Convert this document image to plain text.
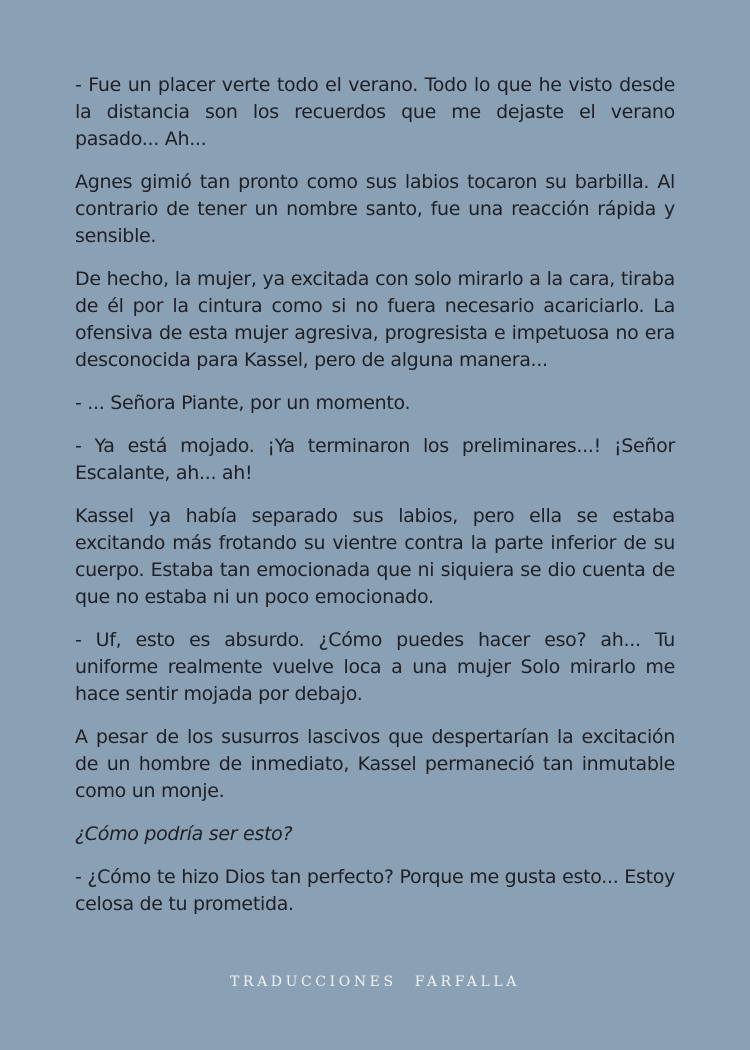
- Fue un placer verte todo el verano. Todo lo que he visto desde la distancia son los recuerdos que me dejaste el verano pasado... Ah...

Agnes gimió tan pronto como sus labios tocaron su barbilla. Al contrario de tener un nombre santo, fue una reacción rápida y sensible.

De hecho, la mujer, ya excitada con solo mirarlo a la cara, tiraba de él por la cintura como si no fuera necesario acariciarlo. La ofensiva de esta mujer agresiva, progresista e impetuosa no era desconocida para Kassel, pero de alguna manera...

- ... Señora Piante, por un momento.

- Ya está mojado. ¡Ya terminaron los preliminares...! ¡Señor Escalante, ah... ah!

Kassel ya había separado sus labios, pero ella se estaba excitando más frotando su vientre contra la parte inferior de su cuerpo. Estaba tan emocionada que ni siquiera se dio cuenta de que no estaba ni un poco emocionado.

- Uf, esto es absurdo. ¿Cómo puedes hacer eso? ah... Tu uniforme realmente vuelve loca a una mujer Solo mirarlo me hace sentir mojada por debajo.

A pesar de los susurros lascivos que despertarían la excitación de un hombre de inmediato, Kassel permaneció tan inmutable como un monje.

¿Cómo podría ser esto?

- ¿Cómo te hizo Dios tan perfecto? Porque me gusta esto... Estoy celosa de tu prometida.

TRADUCCIONES FARFALLA
